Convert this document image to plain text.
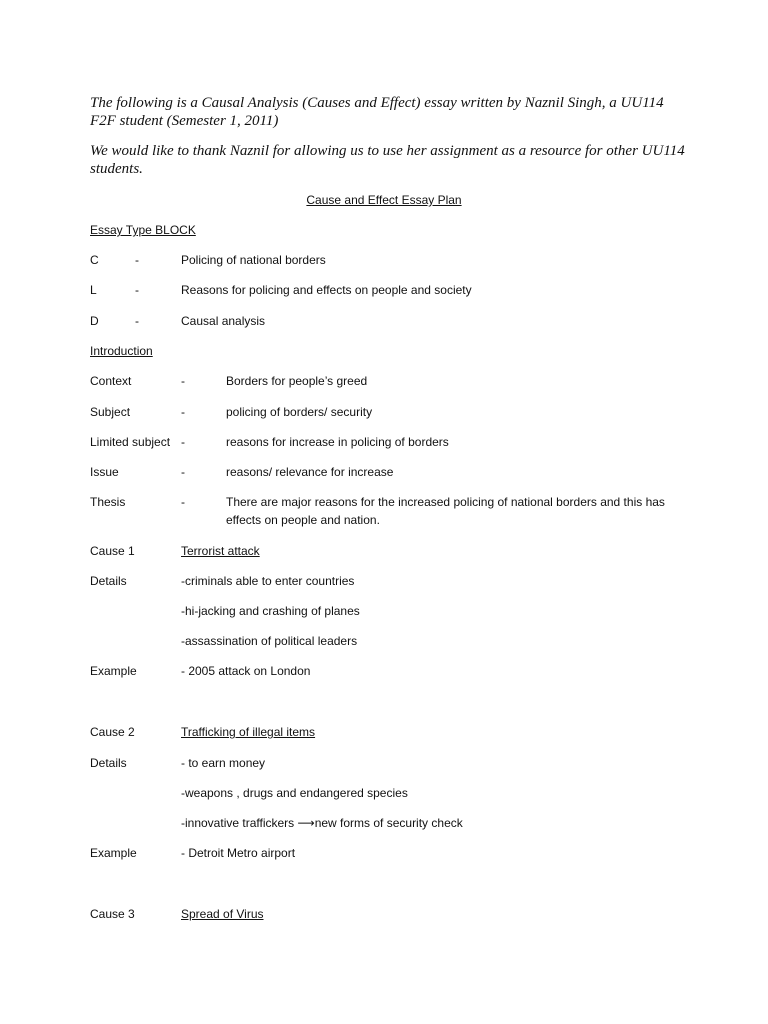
The following is a Causal Analysis (Causes and Effect) essay written by Naznil Singh, a UU114 F2F student (Semester 1, 2011)
We would like to thank Naznil for allowing us to use her assignment as a resource for other UU114 students.
Cause and Effect Essay Plan
Essay Type BLOCK
C	-	Policing of national borders
L	-	Reasons for policing and effects on people and society
D	-	Causal analysis
Introduction
Context	-	Borders for people’s greed
Subject	-	policing of borders/ security
Limited subject -	reasons for increase in policing of borders
Issue	-	reasons/ relevance for increase
Thesis	-	There are major reasons for the increased policing of national borders and this has effects on people and nation.
Cause 1	Terrorist attack
Details	-criminals able to enter countries
-hi-jacking and crashing of planes
-assassination of political leaders
Example	- 2005 attack on London
Cause 2	Trafficking of illegal items
Details	- to earn money
-weapons , drugs and endangered species
-innovative traffickers ⟶new forms of security check
Example	- Detroit Metro airport
Cause 3	Spread of Virus
